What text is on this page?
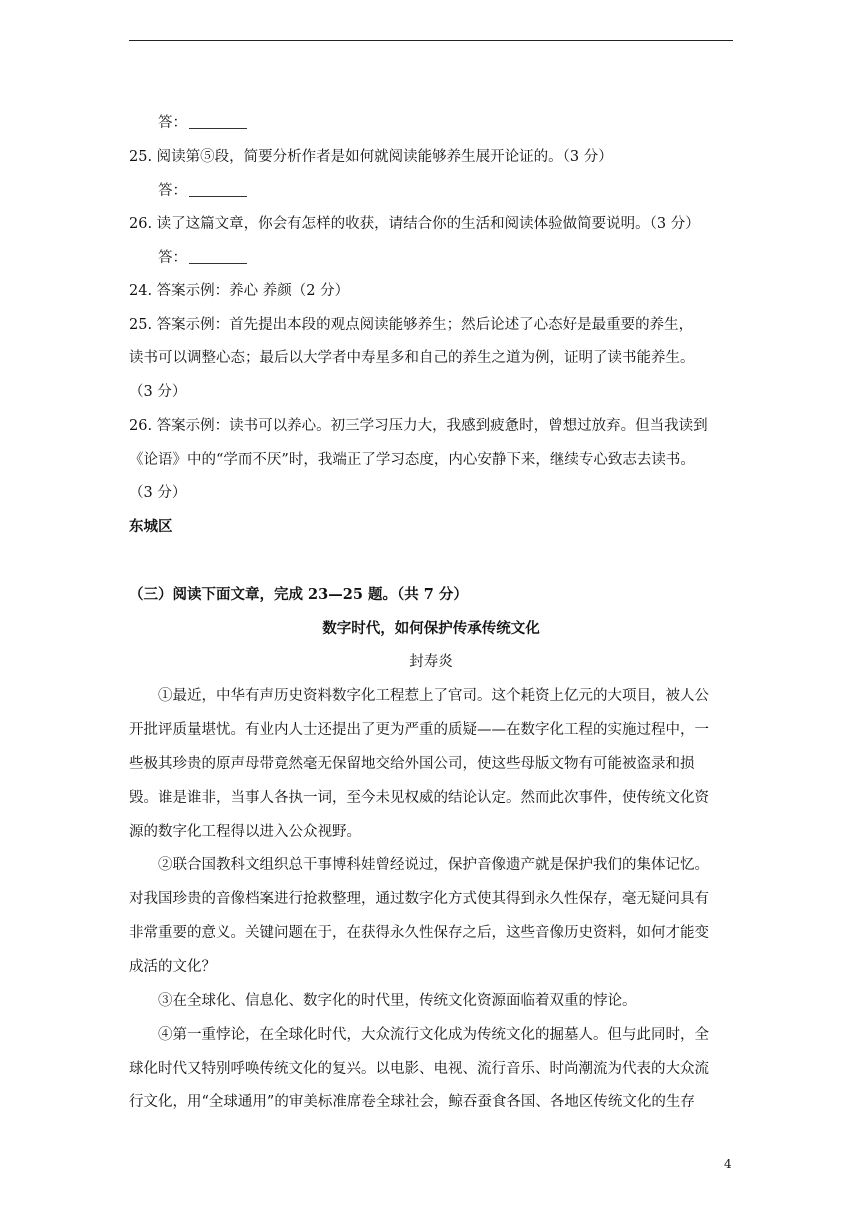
答：
25. 阅读第⑤段，简要分析作者是如何就阅读能够养生展开论证的。（3 分）
答：
26. 读了这篇文章，你会有怎样的收获，请结合你的生活和阅读体验做简要说明。（3 分）
答：
24. 答案示例：养心 养颜（2 分）
25. 答案示例：首先提出本段的观点阅读能够养生；然后论述了心态好是最重要的养生，
读书可以调整心态；最后以大学者中寿星多和自己的养生之道为例，证明了读书能养生。
（3 分）
26. 答案示例：读书可以养心。初三学习压力大，我感到疲惫时，曾想过放弃。但当我读到
《论语》中的“学而不厌”时，我端正了学习态度，内心安静下来，继续专心致志去读书。
（3 分）
东城区
（三）阅读下面文章，完成 23—25 题。（共 7 分）
数字时代，如何保护传承传统文化
封寿炎
①最近，中华有声历史资料数字化工程惹上了官司。这个耗资上亿元的大项目，被人公
开批评质量堪忧。有业内人士还提出了更为严重的质疑——在数字化工程的实施过程中，一
些极其珍贵的原声母带竟然毫无保留地交给外国公司，使这些母版文物有可能被盗录和损
毁。谁是谁非，当事人各执一词，至今未见权威的结论认定。然而此次事件，使传统文化资
源的数字化工程得以进入公众视野。
②联合国教科文组织总干事博科娃曾经说过，保护音像遗产就是保护我们的集体记忆。
对我国珍贵的音像档案进行抢救整理，通过数字化方式使其得到永久性保存，毫无疑问具有
非常重要的意义。关键问题在于，在获得永久性保存之后，这些音像历史资料，如何才能变
成活的文化？
③在全球化、信息化、数字化的时代里，传统文化资源面临着双重的悖论。
④第一重悖论，在全球化时代，大众流行文化成为传统文化的掘墓人。但与此同时，全
球化时代又特别呼唤传统文化的复兴。以电影、电视、流行音乐、时尚潮流为代表的大众流
行文化，用“全球通用”的审美标准席卷全球社会，鲸吞蚕食各国、各地区传统文化的生存
4
